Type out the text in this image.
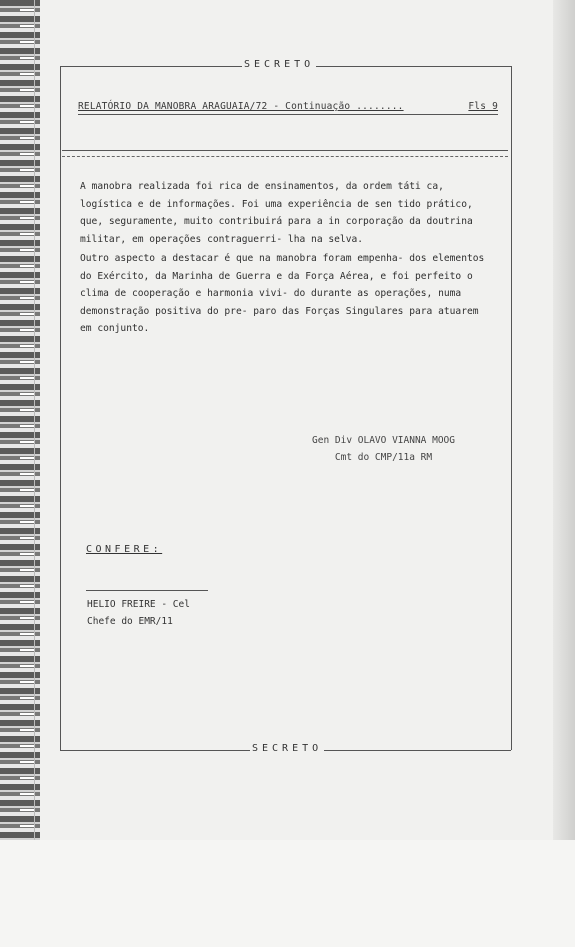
SECRETO
RELATÓRIO DA MANOBRA ARAGUAIA/72 - Continuação ........	Fls 9

A manobra realizada foi rica de ensinamentos, da ordem táti ca, logística e de informações. Foi uma experiência de sen tido prático, que, seguramente, muito contribuirá para a in corporação da doutrina militar, em operações contraguerri- lha na selva.

Outro aspecto a destacar é que na manobra foram empenha- dos elementos do Exército, da Marinha de Guerra e da Força Aérea, e foi perfeito o clima de cooperação e harmonia vivi- do durante as operações, numa demonstração positiva do pre- paro das Forças Singulares para atuarem em conjunto.

Gen Div OLAVO VIANNA MOOG
Cmt do CMP/11a RM
CONFERE:
HELIO FREIRE - Cel
Chefe do EMR/11
SECRETO
